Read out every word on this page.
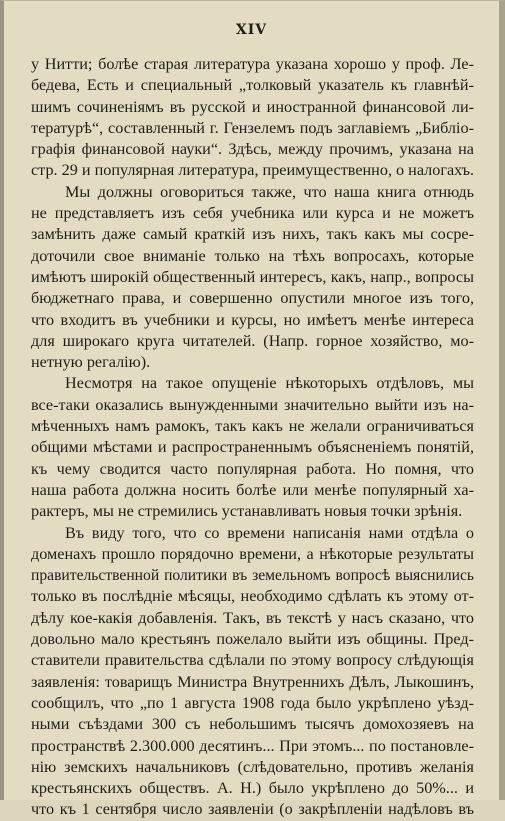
XIV
у Нитти; болѣе старая литература указана хорошо у проф. Ле-
бедева, Есть и специальный „толковый указатель къ главнѣй-
шимъ сочиненіямъ въ русской и иностранной финансовой ли-
тературѣ“, составленный г. Гензелемъ подъ заглавіемъ „Библіо-
графія финансовой науки“. Здѣсь, между прочимъ, указана на
стр. 29 и популярная литература, преимущественно, о налогахъ.
Мы должны оговориться также, что наша книга отнюдь
не представляетъ изъ себя учебника или курса и не можетъ
замѣнить даже самый краткій изъ нихъ, такъ какъ мы сосре-
доточили свое вниманіе только на тѣхъ вопросахъ, которые
имѣютъ широкій общественный интересъ, какъ, напр., вопросы
бюджетнаго права, и совершенно опустили многое изъ того,
что входитъ въ учебники и курсы, но имѣетъ менѣе интереса
для широкаго круга читателей. (Напр. горное хозяйство, мо-
нетную регалію).
Несмотря на такое опущеніе нѣкоторыхъ отдѣловъ, мы
все-таки оказались вынужденными значительно выйти изъ на-
мѣченныхъ намъ рамокъ, такъ какъ не желали ограничиваться
общими мѣстами и распространеннымъ объясненіемъ понятій,
къ чему сводится часто популярная работа. Но помня, что
наша работа должна носить болѣе или менѣе популярный ха-
рактеръ, мы не стремились устанавливать новыя точки зрѣнія.
Въ виду того, что со времени написанія нами отдѣла о
доменахъ прошло порядочно времени, а нѣкоторые результаты
правительственной политики въ земельномъ вопросѣ выяснились
только въ послѣдніе мѣсяцы, необходимо сдѣлать къ этому от-
дѣлу кое-какія добавленія. Такъ, въ текстѣ у насъ сказано, что
довольно мало крестьянъ пожелало выйти изъ общины. Пред-
ставители правительства сдѣлали по этому вопросу слѣдующія
заявленія: товарищъ Министра Внутреннихъ Дѣлъ, Лыкошинъ,
сообщилъ, что „по 1 августа 1908 года было укрѣплено уѣзд-
ными съѣздами 300 съ небольшимъ тысячъ домохозяевъ на
пространствѣ 2.300.000 десятинъ... При этомъ... по постановле-
нію земскихъ начальниковъ (слѣдовательно, противъ желанія
крестьянскихъ обществъ. А. Н.) было укрѣплено до 50%... и
что къ 1 сентября число заявленіи (о закрѣпленіи надѣловъ въ
